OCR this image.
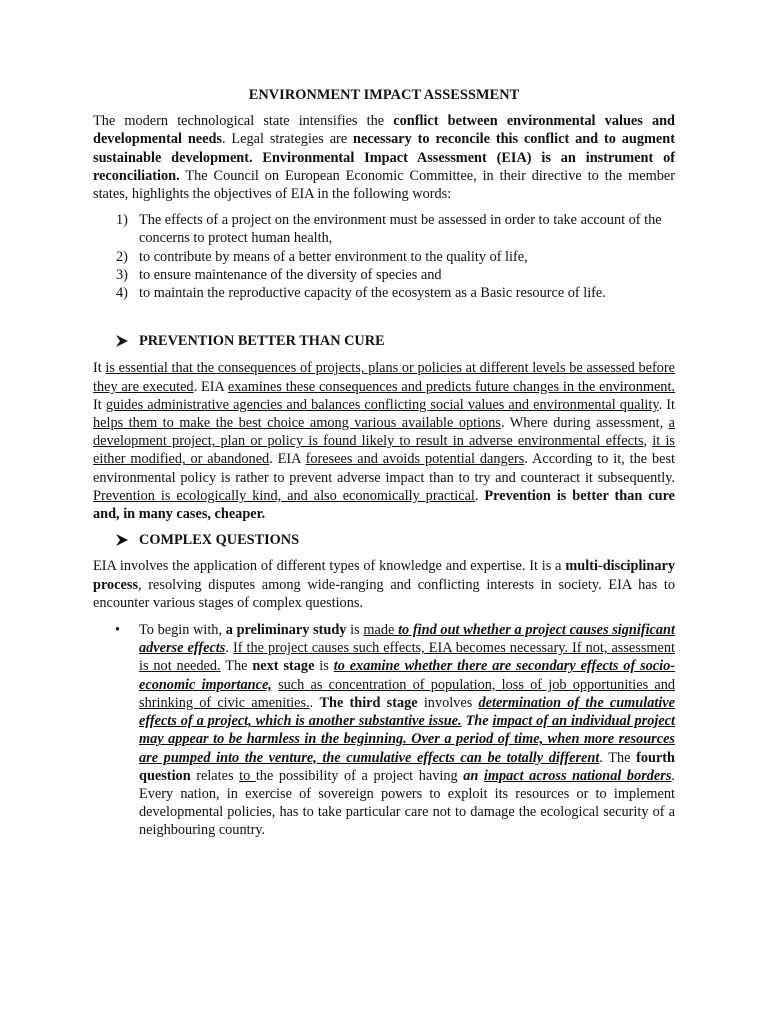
ENVIRONMENT IMPACT ASSESSMENT

The modern technological state intensifies the conflict between environmental values and developmental needs. Legal strategies are necessary to reconcile this conflict and to augment sustainable development. Environmental Impact Assessment (EIA) is an instrument of reconciliation. The Council on European Economic Committee, in their directive to the member states, highlights the objectives of EIA in the following words:

1) The effects of a project on the environment must be assessed in order to take account of the concerns to protect human health,
2) to contribute by means of a better environment to the quality of life,
3) to ensure maintenance of the diversity of species and
4) to maintain the reproductive capacity of the ecosystem as a Basic resource of life.
PREVENTION BETTER THAN CURE

It is essential that the consequences of projects, plans or policies at different levels be assessed before they are executed. EIA examines these consequences and predicts future changes in the environment. It guides administrative agencies and balances conflicting social values and environmental quality. It helps them to make the best choice among various available options. Where during assessment, a development project, plan or policy is found likely to result in adverse environmental effects, it is either modified, or abandoned. EIA foresees and avoids potential dangers. According to it, the best environmental policy is rather to prevent adverse impact than to try and counteract it subsequently. Prevention is ecologically kind, and also economically practical. Prevention is better than cure and, in many cases, cheaper.

COMPLEX QUESTIONS

EIA involves the application of different types of knowledge and expertise. It is a multi-disciplinary process, resolving disputes among wide-ranging and conflicting interests in society. EIA has to encounter various stages of complex questions.

• To begin with, a preliminary study is made to find out whether a project causes significant adverse effects. If the project causes such effects, EIA becomes necessary. If not, assessment is not needed. The next stage is to examine whether there are secondary effects of socio-economic importance, such as concentration of population, loss of job opportunities and shrinking of civic amenities.. The third stage involves determination of the cumulative effects of a project, which is another substantive issue. The impact of an individual project may appear to be harmless in the beginning. Over a period of time, when more resources are pumped into the venture, the cumulative effects can be totally different. The fourth question relates to the possibility of a project having an impact across national borders. Every nation, in exercise of sovereign powers to exploit its resources or to implement developmental policies, has to take particular care not to damage the ecological security of a neighbouring country.
